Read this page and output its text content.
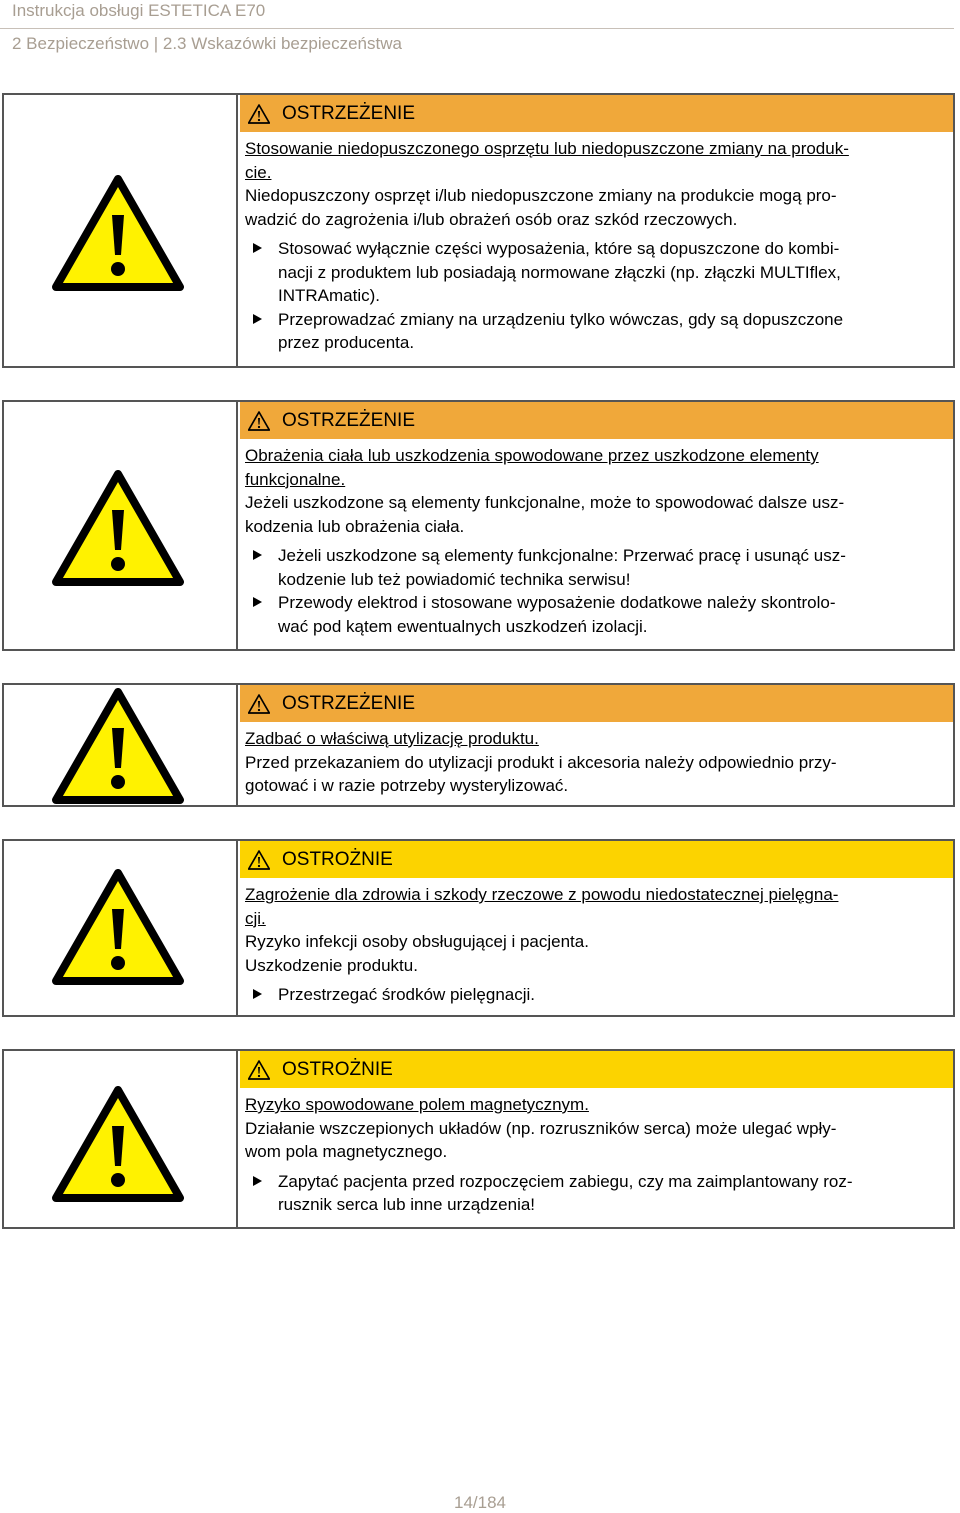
Instrukcja obsługi ESTETICA E70

2 Bezpieczeństwo | 2.3 Wskazówki bezpieczeństwa

OSTRZEŻENIE

Stosowanie niedopuszczonego osprzętu lub niedopuszczone zmiany na produk-
cie.

Niedopuszczony osprzęt i/lub niedopuszczone zmiany na produkcie mogą pro-
wadzić do zagrożenia i/lub obrażeń osób oraz szkód rzeczowych.

Stosować wyłącznie części wyposażenia, które są dopuszczone do kombi-
nacji z produktem lub posiadają normowane złączki (np. złączki MULTIflex,
INTRAmatic).
Przeprowadzać zmiany na urządzeniu tylko wówczas, gdy są dopuszczone
przez producenta.
OSTRZEŻENIE

Obrażenia ciała lub uszkodzenia spowodowane przez uszkodzone elementy
funkcjonalne.

Jeżeli uszkodzone są elementy funkcjonalne, może to spowodować dalsze usz-
kodzenia lub obrażenia ciała.

Jeżeli uszkodzone są elementy funkcjonalne: Przerwać pracę i usunąć usz-
kodzenie lub też powiadomić technika serwisu!
Przewody elektrod i stosowane wyposażenie dodatkowe należy skontrolo-
wać pod kątem ewentualnych uszkodzeń izolacji.
OSTRZEŻENIE

Zadbać o właściwą utylizację produktu.

Przed przekazaniem do utylizacji produkt i akcesoria należy odpowiednio przy-
gotować i w razie potrzeby wysterylizować.

OSTROŻNIE

Zagrożenie dla zdrowia i szkody rzeczowe z powodu niedostatecznej pielęgna-
cji.

Ryzyko infekcji osoby obsługującej i pacjenta.
Uszkodzenie produktu.

Przestrzegać środków pielęgnacji.
OSTROŻNIE

Ryzyko spowodowane polem magnetycznym.

Działanie wszczepionych układów (np. rozruszników serca) może ulegać wpły-
wom pola magnetycznego.

Zapytać pacjenta przed rozpoczęciem zabiegu, czy ma zaimplantowany roz-
rusznik serca lub inne urządzenia!
14/184
